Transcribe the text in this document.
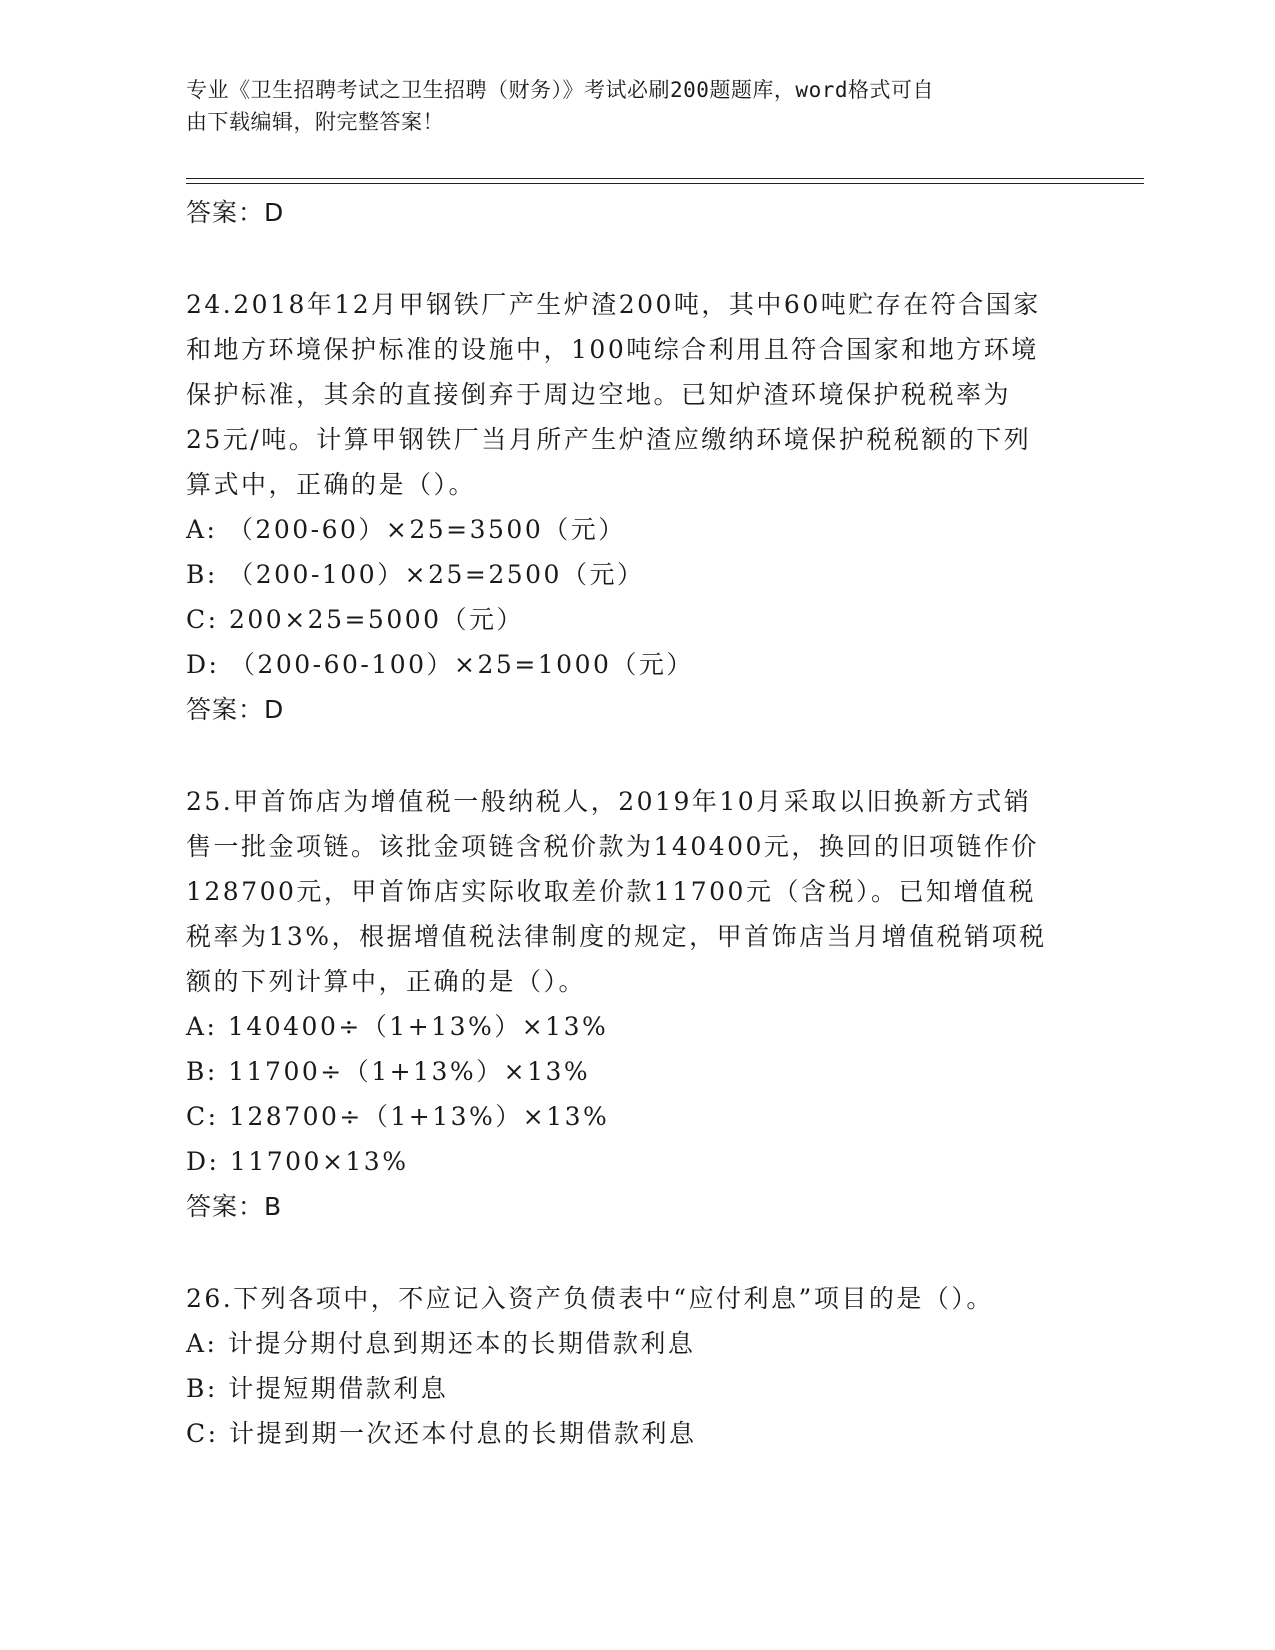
专业《卫生招聘考试之卫生招聘（财务）》考试必刷200题题库，word格式可自
由下载编辑，附完整答案！
答案：D
24.2018年12月甲钢铁厂产生炉渣200吨，其中60吨贮存在符合国家
和地方环境保护标准的设施中，100吨综合利用且符合国家和地方环境
保护标准，其余的直接倒弃于周边空地。已知炉渣环境保护税税率为
25元/吨。计算甲钢铁厂当月所产生炉渣应缴纳环境保护税税额的下列
算式中，正确的是（）。
A: （200-60）×25=3500（元）
B: （200-100）×25=2500（元）
C: 200×25=5000（元）
D: （200-60-100）×25=1000（元）
答案：D
25.甲首饰店为增值税一般纳税人，2019年10月采取以旧换新方式销
售一批金项链。该批金项链含税价款为140400元，换回的旧项链作价
128700元，甲首饰店实际收取差价款11700元（含税）。已知增值税
税率为13%，根据增值税法律制度的规定，甲首饰店当月增值税销项税
额的下列计算中，正确的是（）。
A: 140400÷（1+13%）×13%
B: 11700÷（1+13%）×13%
C: 128700÷（1+13%）×13%
D: 11700×13%
答案：B
26.下列各项中，不应记入资产负债表中“应付利息”项目的是（）。
A: 计提分期付息到期还本的长期借款利息
B: 计提短期借款利息
C: 计提到期一次还本付息的长期借款利息
